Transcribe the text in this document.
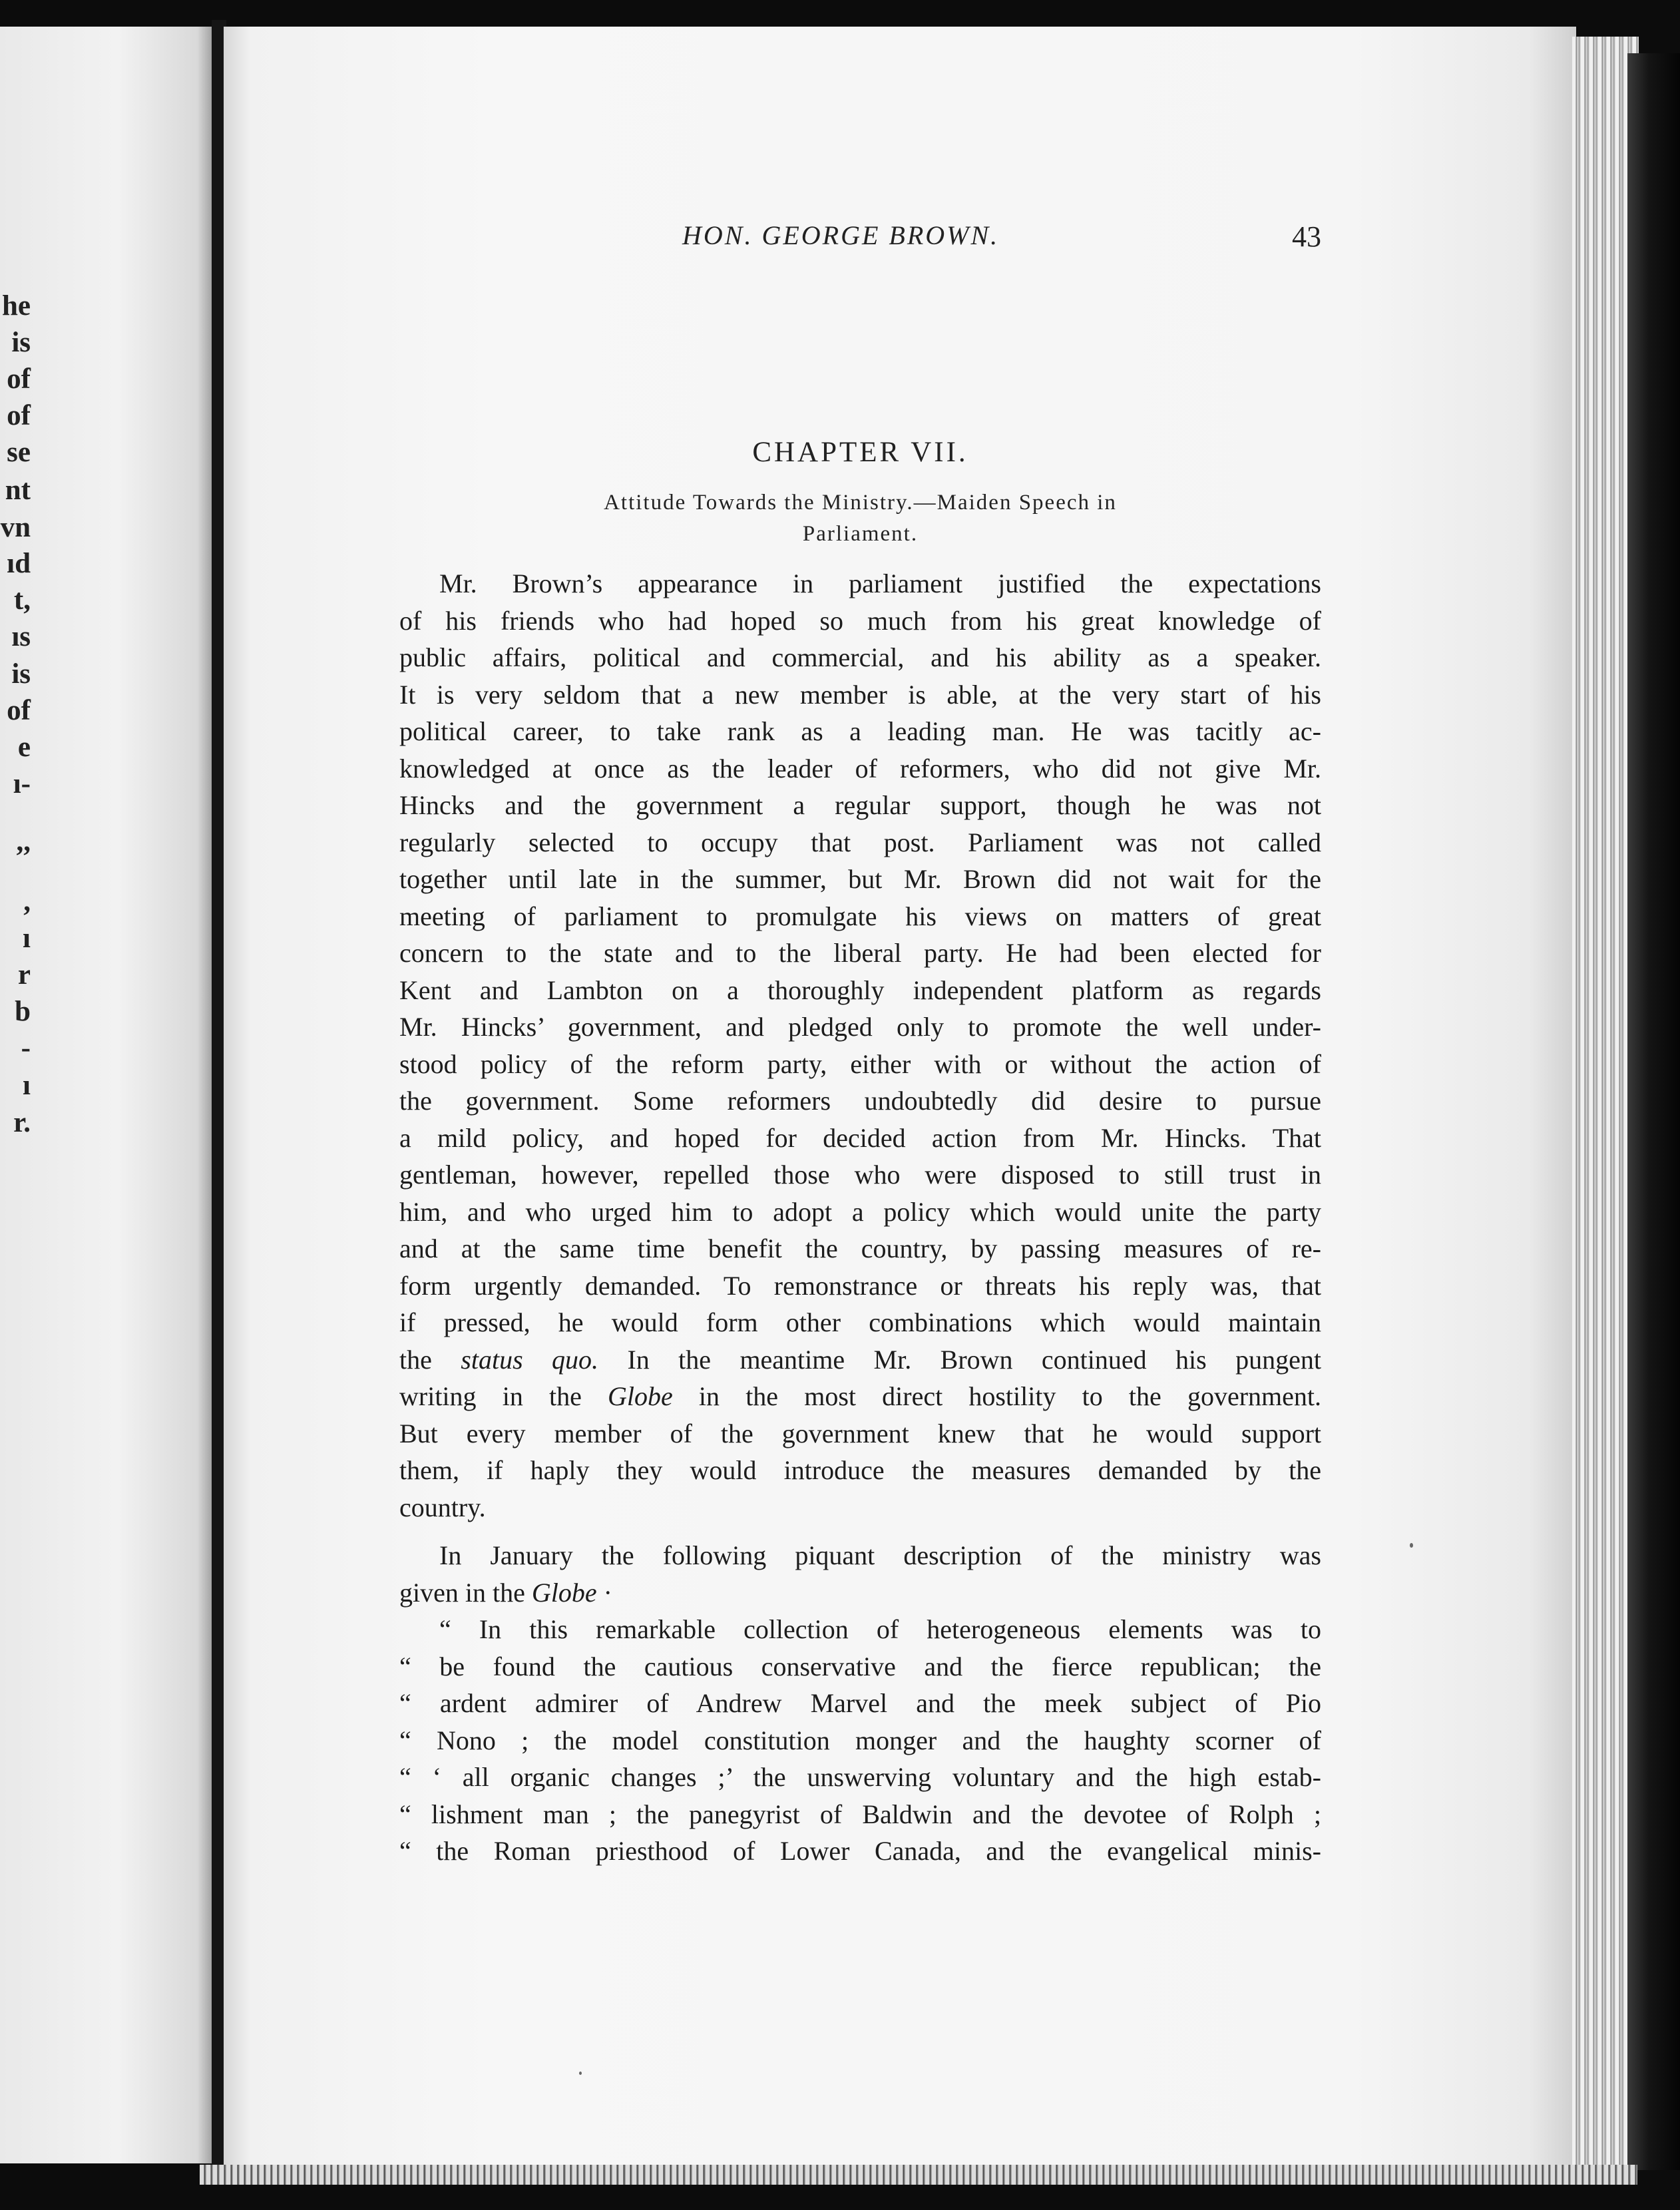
he
is
of
of
se
nt
vn
ıd
t,
ıs
is
of
e
ı-
,,
,
ı
r
b
-
ı
r.
HON. GEORGE BROWN.	43
CHAPTER VII.
Attitude Towards the Ministry.—Maiden Speech in
Parliament.

Mr. Brown’s appearance in parliament justified the expectations
of his friends who had hoped so much from his great knowledge of
public affairs, political and commercial, and his ability as a speaker.
It is very seldom that a new member is able, at the very start of his
political career, to take rank as a leading man. He was tacitly ac-
knowledged at once as the leader of reformers, who did not give Mr.
Hincks and the government a regular support, though he was not
regularly selected to occupy that post. Parliament was not called
together until late in the summer, but Mr. Brown did not wait for the
meeting of parliament to promulgate his views on matters of great
concern to the state and to the liberal party. He had been elected for
Kent and Lambton on a thoroughly independent platform as regards
Mr. Hincks’ government, and pledged only to promote the well under-
stood policy of the reform party, either with or without the action of
the government. Some reformers undoubtedly did desire to pursue
a mild policy, and hoped for decided action from Mr. Hincks. That
gentleman, however, repelled those who were disposed to still trust in
him, and who urged him to adopt a policy which would unite the party
and at the same time benefit the country, by passing measures of re-
form urgently demanded. To remonstrance or threats his reply was, that
if pressed, he would form other combinations which would maintain
the status quo. In the meantime Mr. Brown continued his pungent
writing in the Globe in the most direct hostility to the government.
But every member of the government knew that he would support
them, if haply they would introduce the measures demanded by the
country.

In January the following piquant description of the ministry was
given in the Globe ·

“ In this remarkable collection of heterogeneous elements was to
“ be found the cautious conservative and the fierce republican; the
“ ardent admirer of Andrew Marvel and the meek subject of Pio
“ Nono ; the model constitution monger and the haughty scorner of
“ ‘ all organic changes ;’ the unswerving voluntary and the high estab-
“ lishment man ; the panegyrist of Baldwin and the devotee of Rolph ;
“ the Roman priesthood of Lower Canada, and the evangelical minis-
